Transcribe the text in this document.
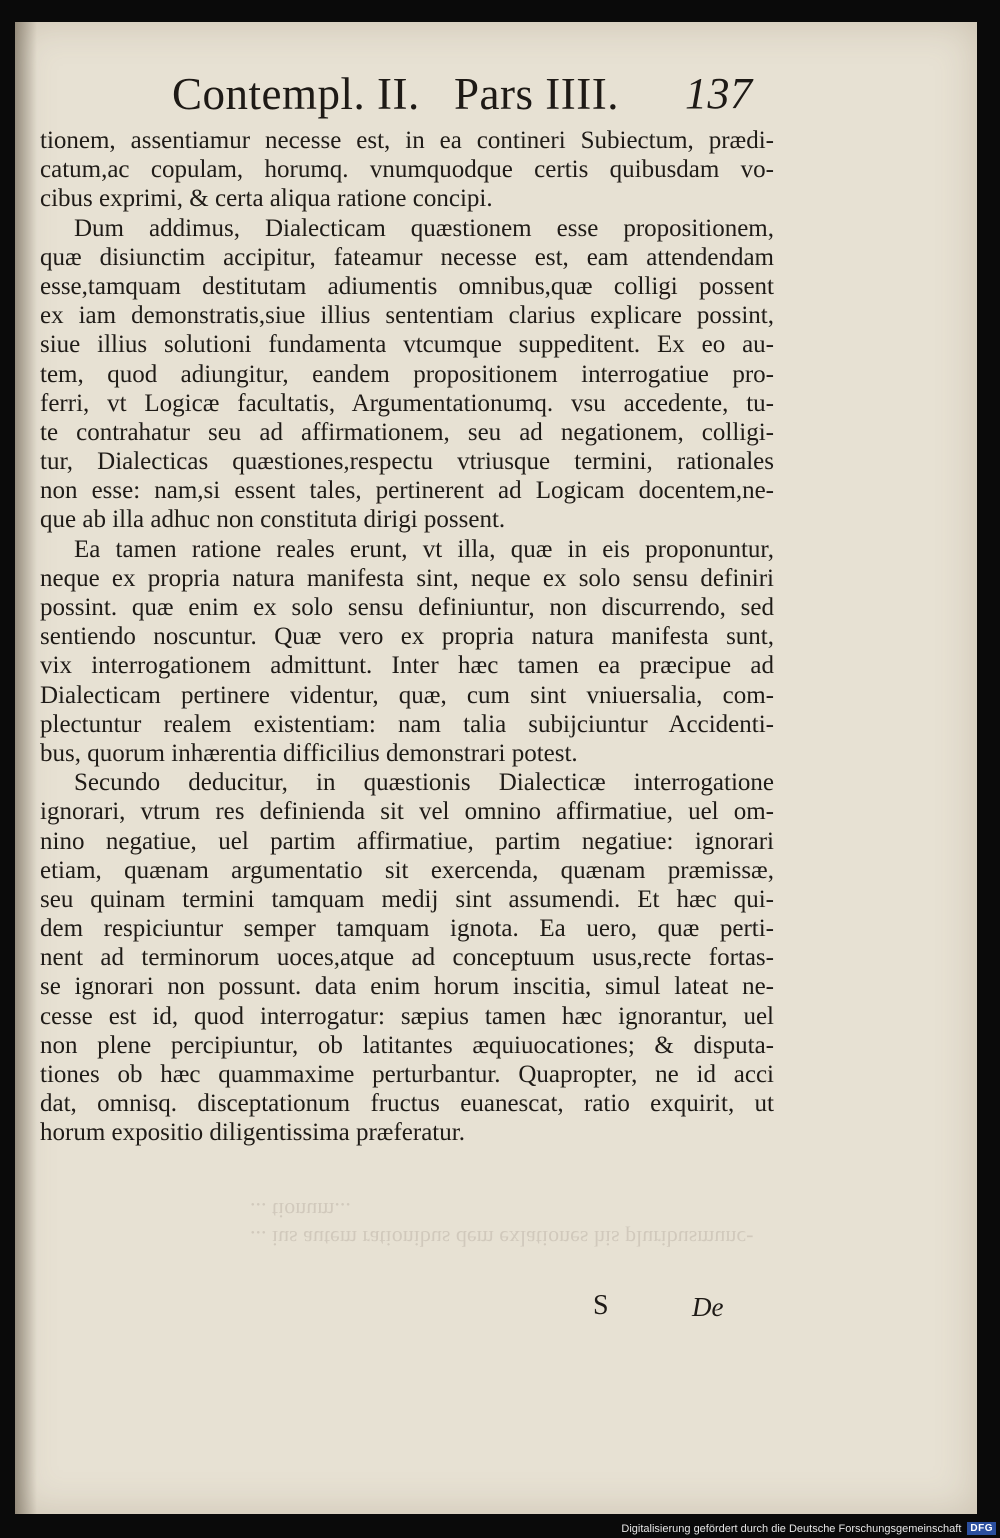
Contempl. II. Pars IIII. 137
tionem, assentiamur necesse est, in ea contineri Subiectum, prædi-
catum,ac copulam, horumq. vnumquodque certis quibusdam vo-
cibus exprimi, & certa aliqua ratione concipi.
Dum addimus, Dialecticam quæstionem esse propositionem,
quæ disiunctim accipitur, fateamur necesse est, eam attendendam
esse,tamquam destitutam adiumentis omnibus,quæ colligi possent
ex iam demonstratis,siue illius sententiam clarius explicare possint,
siue illius solutioni fundamenta vtcumque suppeditent. Ex eo au-
tem, quod adiungitur, eandem propositionem interrogatiue pro-
ferri, vt Logicæ facultatis, Argumentationumq. vsu accedente, tu-
te contrahatur seu ad affirmationem, seu ad negationem, colligi-
tur, Dialecticas quæstiones,respectu vtriusque termini, rationales
non esse: nam,si essent tales, pertinerent ad Logicam docentem,ne-
que ab illa adhuc non constituta dirigi possent.
Ea tamen ratione reales erunt, vt illa, quæ in eis proponuntur,
neque ex propria natura manifesta sint, neque ex solo sensu definiri
possint. quæ enim ex solo sensu definiuntur, non discurrendo, sed
sentiendo noscuntur. Quæ vero ex propria natura manifesta sunt,
vix interrogationem admittunt. Inter hæc tamen ea præcipue ad
Dialecticam pertinere videntur, quæ, cum sint vniuersalia, com-
plectuntur realem existentiam: nam talia subijciuntur Accidenti-
bus, quorum inhærentia difficilius demonstrari potest.
Secundo deducitur, in quæstionis Dialecticæ interrogatione
ignorari, vtrum res definienda sit vel omnino affirmatiue, uel om-
nino negatiue, uel partim affirmatiue, partim negatiue: ignorari
etiam, quænam argumentatio sit exercenda, quænam præmissæ,
seu quinam termini tamquam medij sint assumendi. Et hæc qui-
dem respiciuntur semper tamquam ignota. Ea uero, quæ perti-
nent ad terminorum uoces,atque ad conceptuum usus,recte fortas-
se ignorari non possunt. data enim horum inscitia, simul lateat ne-
cesse est id, quod interrogatur: sæpius tamen hæc ignorantur, uel
non plene percipiuntur, ob latitantes æquiuocationes; & disputa-
tiones ob hæc quammaxime perturbantur. Quapropter, ne id acci
dat, omnisq. disceptationum fructus euanescat, ratio exquirit, ut
horum expositio diligentissima præferatur.
... ius autem rationibus dem exlationes his pluribusmunc-
... tionum...
S	De
Digitalisierung gefördert durch die Deutsche Forschungsgemeinschaft DFG
